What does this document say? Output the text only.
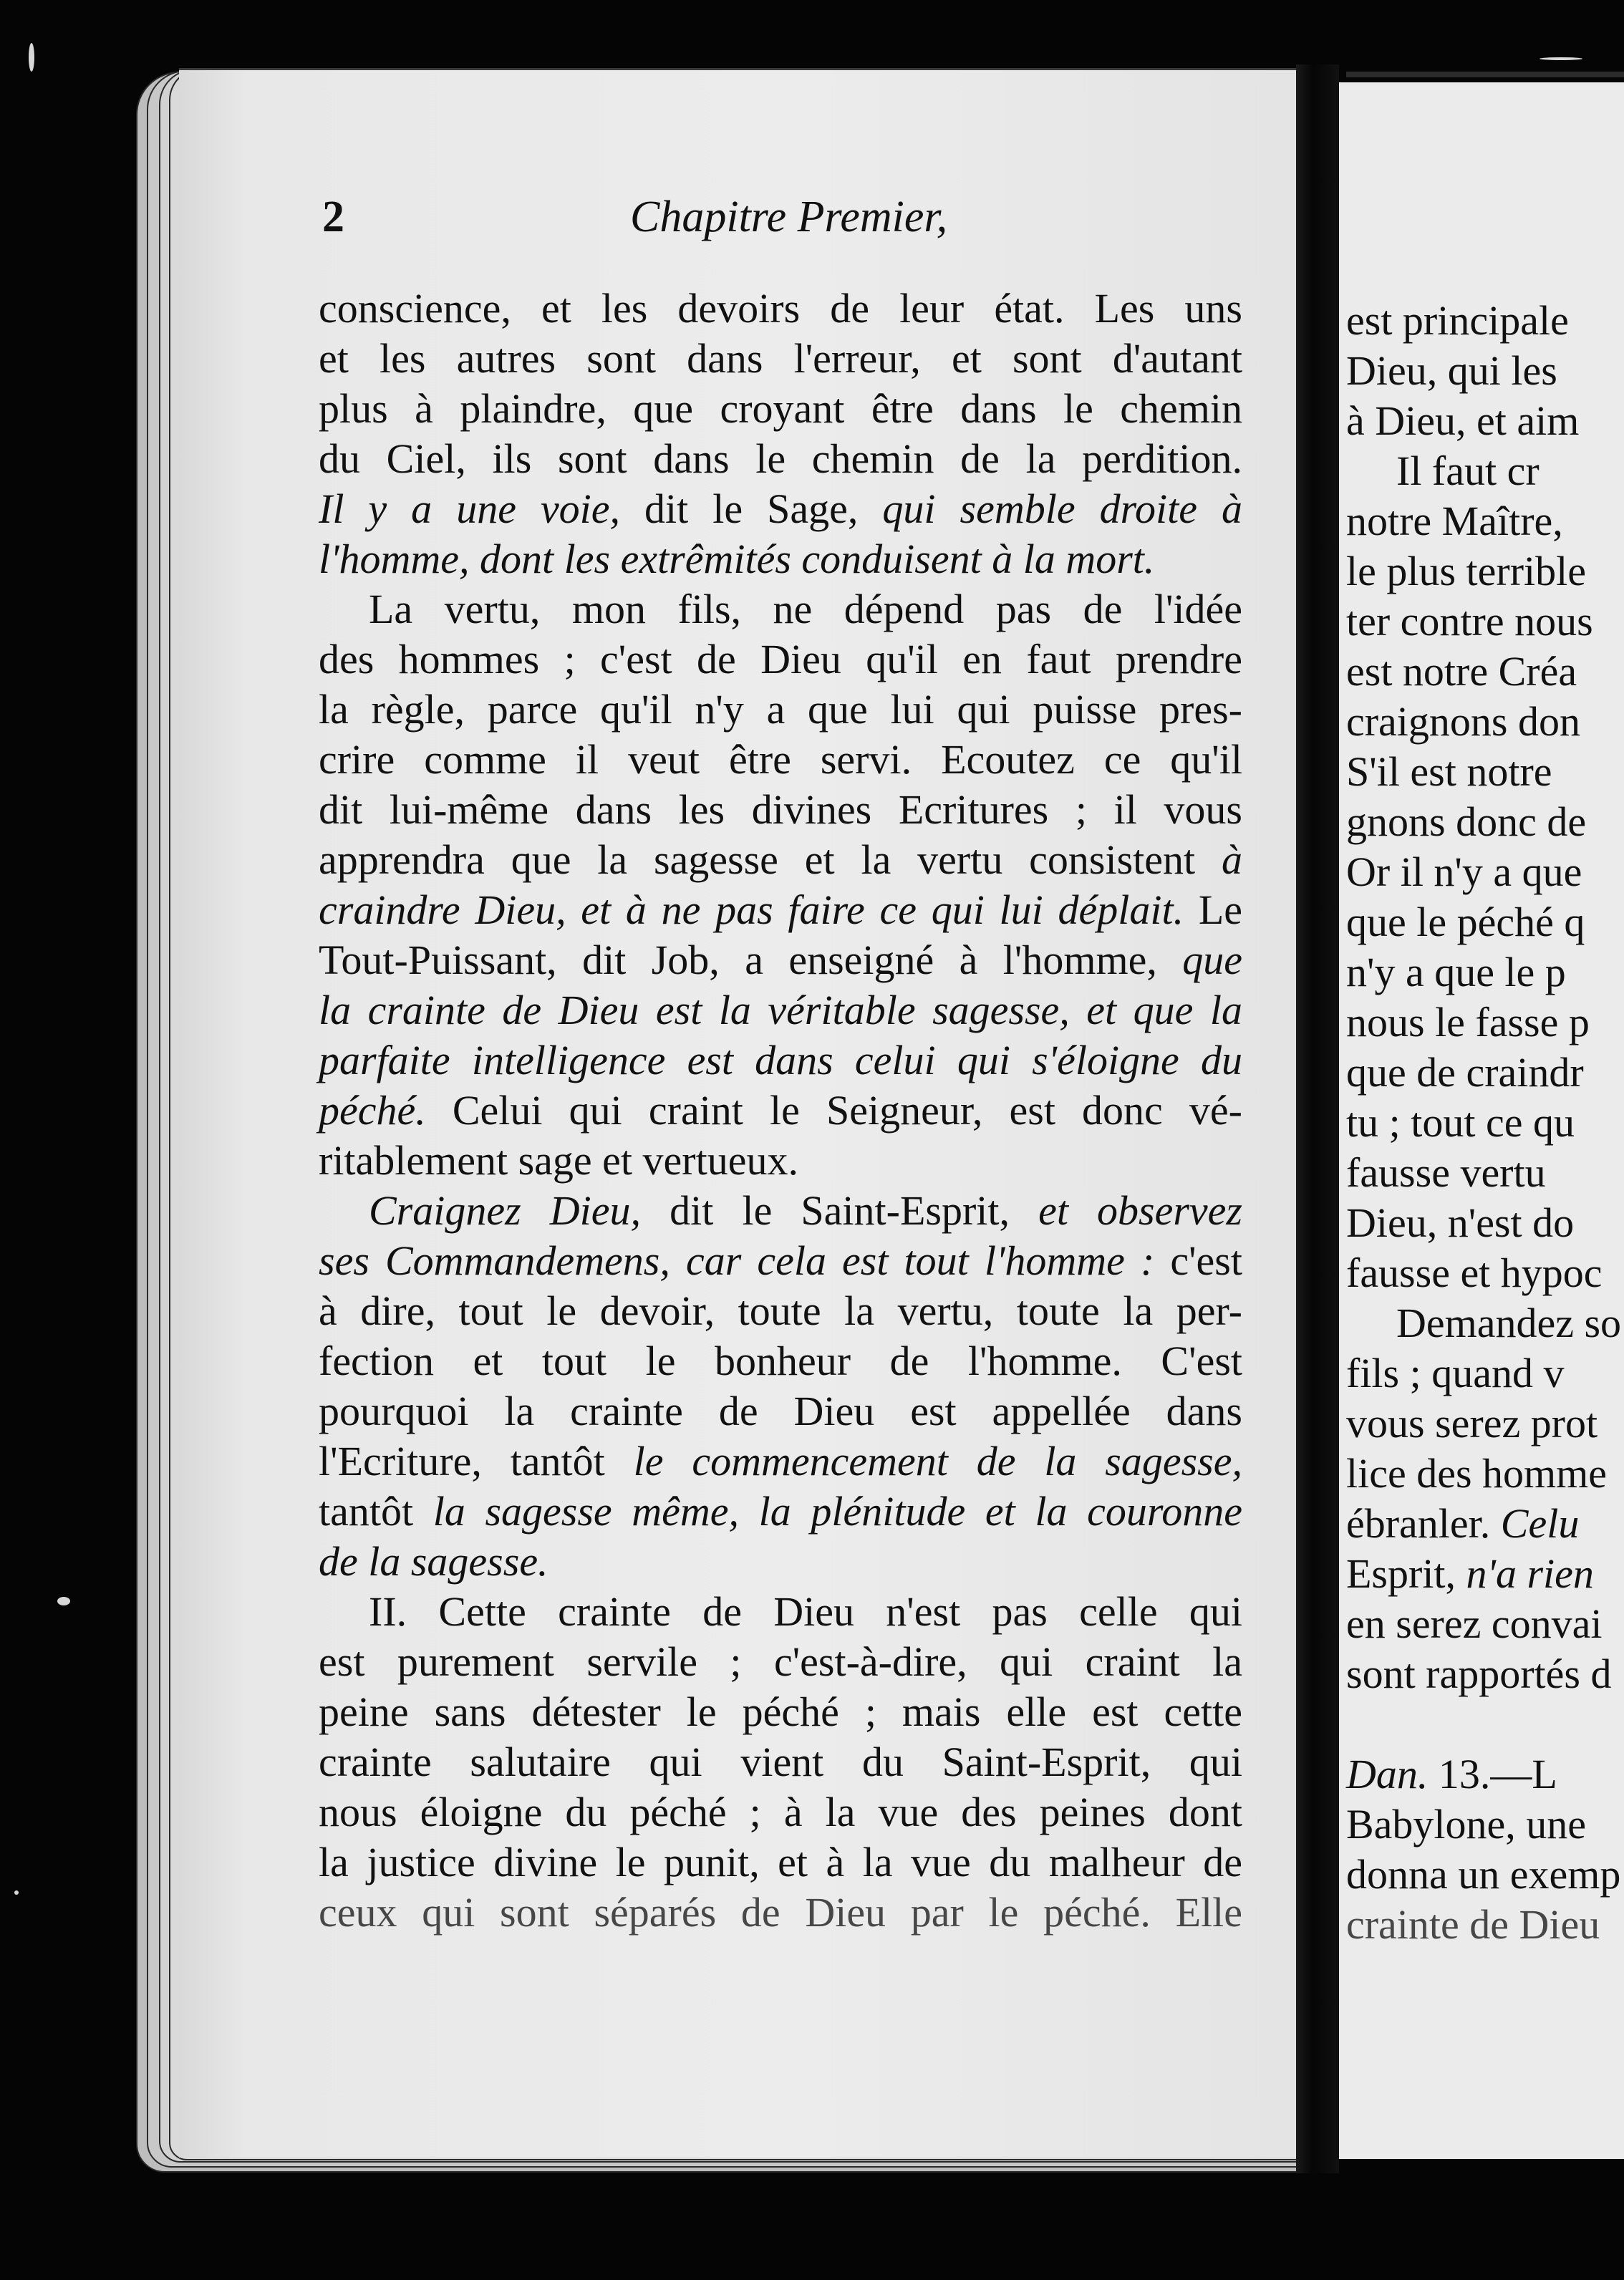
2	Chapitre Premier,
conscience, et les devoirs de leur état. Les uns
et les autres sont dans l'erreur, et sont d'autant
plus à plaindre, que croyant être dans le chemin
du Ciel, ils sont dans le chemin de la perdition.
Il y a une voie, dit le Sage, qui semble droite à
l'homme, dont les extrêmités conduisent à la mort.
La vertu, mon fils, ne dépend pas de l'idée
des hommes ; c'est de Dieu qu'il en faut prendre
la règle, parce qu'il n'y a que lui qui puisse pres-
crire comme il veut être servi. Ecoutez ce qu'il
dit lui-même dans les divines Ecritures ; il vous
apprendra que la sagesse et la vertu consistent à
craindre Dieu, et à ne pas faire ce qui lui déplait. Le
Tout-Puissant, dit Job, a enseigné à l'homme, que
la crainte de Dieu est la véritable sagesse, et que la
parfaite intelligence est dans celui qui s'éloigne du
péché. Celui qui craint le Seigneur, est donc vé-
ritablement sage et vertueux.
Craignez Dieu, dit le Saint-Esprit, et observez
ses Commandemens, car cela est tout l'homme : c'est
à dire, tout le devoir, toute la vertu, toute la per-
fection et tout le bonheur de l'homme. C'est
pourquoi la crainte de Dieu est appellée dans
l'Ecriture, tantôt le commencement de la sagesse,
tantôt la sagesse même, la plénitude et la couronne
de la sagesse.
II. Cette crainte de Dieu n'est pas celle qui
est purement servile ; c'est-à-dire, qui craint la
peine sans détester le péché ; mais elle est cette
crainte salutaire qui vient du Saint-Esprit, qui
nous éloigne du péché ; à la vue des peines dont
la justice divine le punit, et à la vue du malheur de
ceux qui sont séparés de Dieu par le péché. Elle
est principale
Dieu, qui les
à Dieu, et aim
Il faut cr
notre Maître,
le plus terrible
ter contre nous
est notre Créa
craignons don
S'il est notre
gnons donc de
Or il n'y a que
que le péché q
n'y a que le p
nous le fasse p
que de craindr
tu ; tout ce qu
fausse vertu
Dieu, n'est do
fausse et hypoc
Demandez so
fils ; quand v
vous serez prot
lice des homme
ébranler. Celu
Esprit, n'a rien
en serez convai
sont rapportés d

Dan. 13.—L
Babylone, une
donna un exemp
crainte de Dieu
